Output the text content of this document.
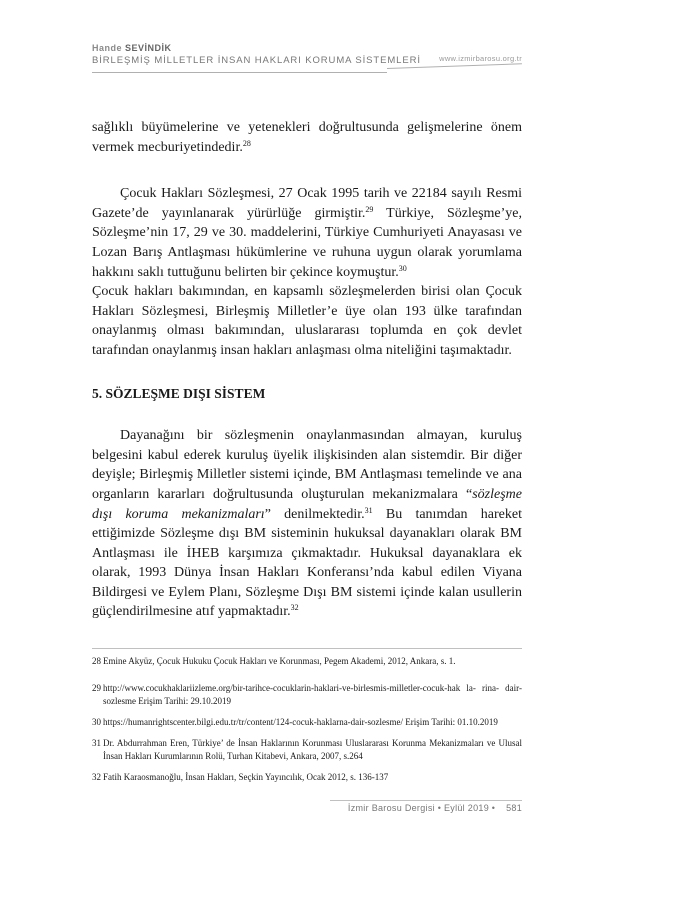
Hande SEVİNDİK
BİRLEŞMİŞ MİLLETLER İNSAN HAKLARI KORUMA SİSTEMLERİ	www.izmirbarosu.org.tr

sağlıklı büyümelerine ve yetenekleri doğrultusunda gelişmelerine önem vermek mecburiyetindedir.$^{28}$

Çocuk Hakları Sözleşmesi, 27 Ocak 1995 tarih ve 22184 sayılı Resmi Gazete’de yayınlanarak yürürlüğe girmiştir.$^{29}$ Türkiye, Sözleşme’ye, Sözleşme’nin 17, 29 ve 30. maddelerini, Türkiye Cumhuriyeti Anayasası ve Lozan Barış Antlaşması hükümlerine ve ruhuna uygun olarak yorumlama hakkını saklı tuttuğunu belirten bir çekince koymuştur.$^{30}$

Çocuk hakları bakımından, en kapsamlı sözleşmelerden birisi olan Çocuk Hakları Sözleşmesi, Birleşmiş Milletler’e üye olan 193 ülke tarafından onaylanmış olması bakımından, uluslararası toplumda en çok devlet tarafından onaylanmış insan hakları anlaşması olma niteliğini taşımaktadır.

5. SÖZLEŞME DIŞI SİSTEM

Dayanağını bir sözleşmenin onaylanmasından almayan, kuruluş belgesini kabul ederek kuruluş üyelik ilişkisinden alan sistemdir. Bir diğer deyişle; Birleşmiş Milletler sistemi içinde, BM Antlaşması temelinde ve ana organların kararları doğrultusunda oluşturulan mekanizmalara “sözleşme dışı koruma mekanizmaları” denilmektedir.$^{31}$ Bu tanımdan hareket ettiğimizde Sözleşme dışı BM sisteminin hukuksal dayanakları olarak BM Antlaşması ile İHEB karşımıza çıkmaktadır. Hukuksal dayanaklara ek olarak, 1993 Dünya İnsan Hakları Konferansı’nda kabul edilen Viyana Bildirgesi ve Eylem Planı, Sözleşme Dışı BM sistemi içinde kalan usullerin güçlendirilmesine atıf yapmaktadır.$^{32}$

28 Emine Akyüz, Çocuk Hukuku Çocuk Hakları ve Korunması, Pegem Akademi, 2012, Ankara, s. 1.
29 http://www.cocukhaklariizleme.org/bir-tarihce-cocuklarin-haklari-ve-birlesmis-milletler-cocuk-hak la- rina- dair- sozlesme Erişim Tarihi: 29.10.2019
30 https://humanrightscenter.bilgi.edu.tr/tr/content/124-cocuk-haklarna-dair-sozlesme/ Erişim Tarihi: 01.10.2019
31 Dr. Abdurrahman Eren, Türkiye’ de İnsan Haklarının Korunması Uluslararası Korunma Mekanizmaları ve Ulusal İnsan Hakları Kurumlarının Rolü, Turhan Kitabevi, Ankara, 2007, s.264
32 Fatih Karaosmanoğlu, İnsan Hakları, Seçkin Yayıncılık, Ocak 2012, s. 136-137
İzmir Barosu Dergisi • Eylül 2019 • 581
